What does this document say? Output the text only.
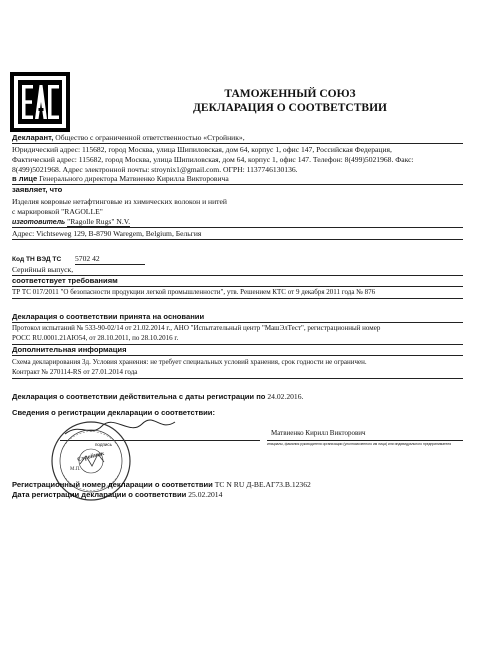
ТАМОЖЕННЫЙ СОЮЗ
ДЕКЛАРАЦИЯ О СООТВЕТСТВИИ
Декларант, Общество с ограниченной ответственностью «Стройник»,
Юридический адрес: 115682, город Москва, улица Шипиловская, дом 64, корпус 1, офис 147, Российская Федерация,
Фактический адрес: 115682, город Москва, улица Шипиловская, дом 64, корпус 1, офис 147. Телефон: 8(499)5021968. Факс:
8(499)5021968. Адрес электронной почты: stroynix1@gmail.com. ОГРН: 1137746130136.
в лице Генерального директора Матвиенко Кирилла Викторовича
заявляет, что
Изделия ковровые нетафтинговые из химических волокон и нитей
с маркировкой "RAGOLLE"
изготовитель "Ragolle Rugs" N.V.
Адрес: Vichtseweg 129, B-8790 Waregem, Belgium, Бельгия
Код ТН ВЭД ТС 5702 42
Серийный выпуск,
соответствует требованиям
ТР ТС 017/2011 "О безопасности продукции легкой промышленности", утв. Решением КТС от 9 декабря 2011 года № 876
Декларация о соответствии принята на основании
Протокол испытаний № 533-90-02/14 от 21.02.2014 г., АНО "Испытательный центр "МашЭлТест", регистрационный номер
РОСС RU.0001.21АЮ54, от 28.10.2011, по 28.10.2016 г.
Дополнительная информация
Схема декларирования 3д. Условия хранения: не требует специальных условий хранения, срок годности не ограничен.
Контракт № 270114-RS от 27.01.2014 года
Декларация о соответствии действительна с даты регистрации по 24.02.2016.
Сведения о регистрации декларации о соответствии:
подпись
Матвиенко Кирилл Викторович
инициалы, фамилия руководителя организации (уполномоченного им лица) или индивидуального предпринимателя
Стройник
М.П.
Регистрационный номер декларации о соответствии ТС N RU Д-BE.АГ73.В.12362
Дата регистрации декларации о соответствии 25.02.2014
